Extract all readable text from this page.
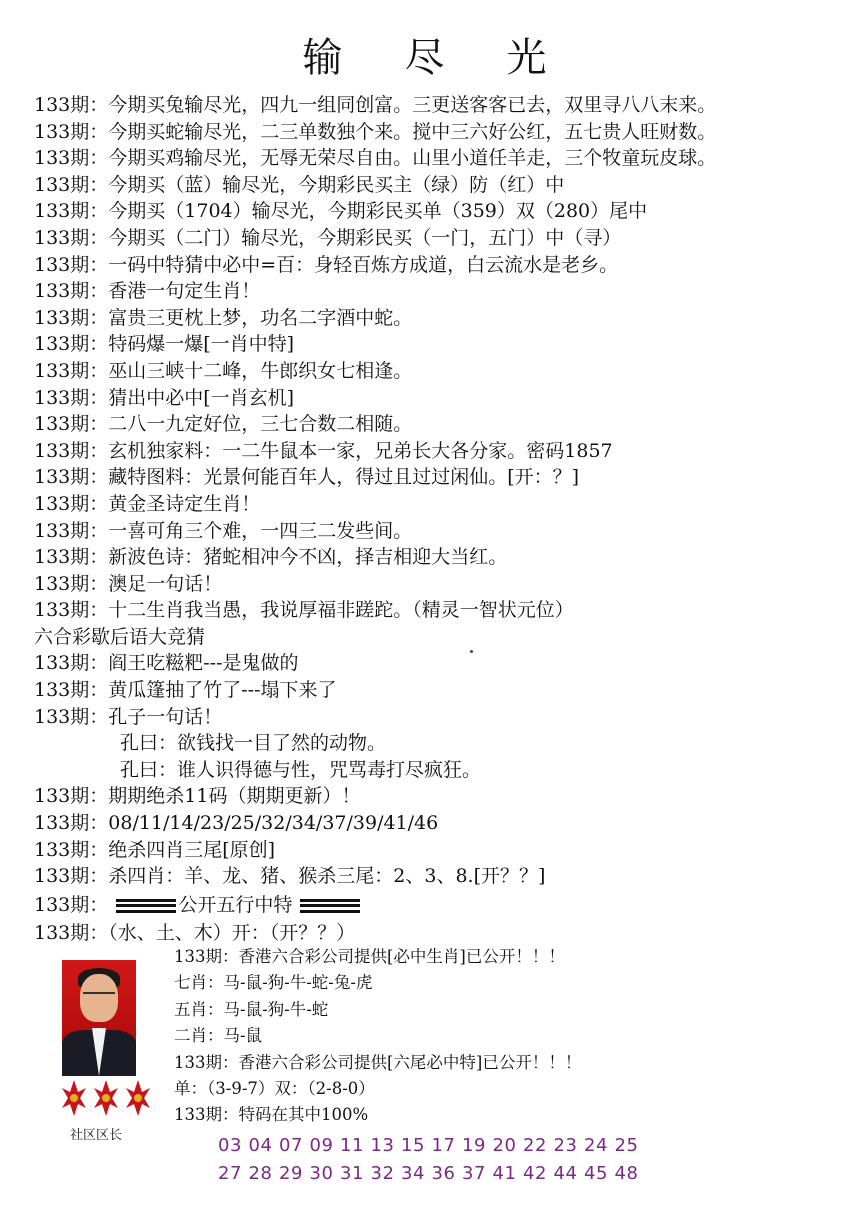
输尽光
133期：今期买兔输尽光，四九一组同创富。三更送客客已去，双里寻八八末来。
133期：今期买蛇输尽光，二三单数独个来。搅中三六好公红，五七贵人旺财数。
133期：今期买鸡输尽光，无辱无荣尽自由。山里小道任羊走，三个牧童玩皮球。
133期：今期买（蓝）输尽光，今期彩民买主（绿）防（红）中
133期：今期买（1704）输尽光，今期彩民买单（359）双（280）尾中
133期：今期买（二门）输尽光，今期彩民买（一门，五门）中（寻）
133期：一码中特猜中必中=百：身轻百炼方成道，白云流水是老乡。
133期：香港一句定生肖！
133期：富贵三更枕上梦，功名二字酒中蛇。
133期：特码爆一爆[一肖中特]
133期：巫山三峡十二峰，牛郎织女七相逢。
133期：猜出中必中[一肖玄机]
133期：二八一九定好位，三七合数二相随。
133期：玄机独家料：一二牛鼠本一家，兄弟长大各分家。密码1857
133期：藏特图料：光景何能百年人，得过且过过闲仙。[开：？]
133期：黄金圣诗定生肖！
133期：一喜可角三个难，一四三二发些间。
133期：新波色诗：猪蛇相冲今不凶，择吉相迎大当红。
133期：澳足一句话！
133期：十二生肖我当愚，我说厚福非蹉跎。（精灵一智状元位）
六合彩歇后语大竞猜
133期：阎王吃糍粑---是鬼做的
133期：黄瓜篷抽了竹了---塌下来了
133期：孔子一句话！
孔曰：欲钱找一目了然的动物。
孔曰：谁人识得德与性，咒骂毒打尽疯狂。
133期：期期绝杀11码（期期更新）！
133期：08/11/14/23/25/32/34/37/39/41/46
133期：绝杀四肖三尾[原创]
133期：杀四肖：羊、龙、猪、猴杀三尾：2、3、8.[开？？]
133期：	公开五行中特
133期：（水、土、木）开：（开？？）
社区区长
133期：香港六合彩公司提供[必中生肖]已公开！！！
七肖：马-鼠-狗-牛-蛇-兔-虎
五肖：马-鼠-狗-牛-蛇
二肖：马-鼠
133期：香港六合彩公司提供[六尾必中特]已公开！！！
单：（3-9-7）双：（2-8-0）
133期：特码在其中100%
03 04 07 09 11 13 15 17 19 20 22 23 24 25
27 28 29 30 31 32 34 36 37 41 42 44 45 48
